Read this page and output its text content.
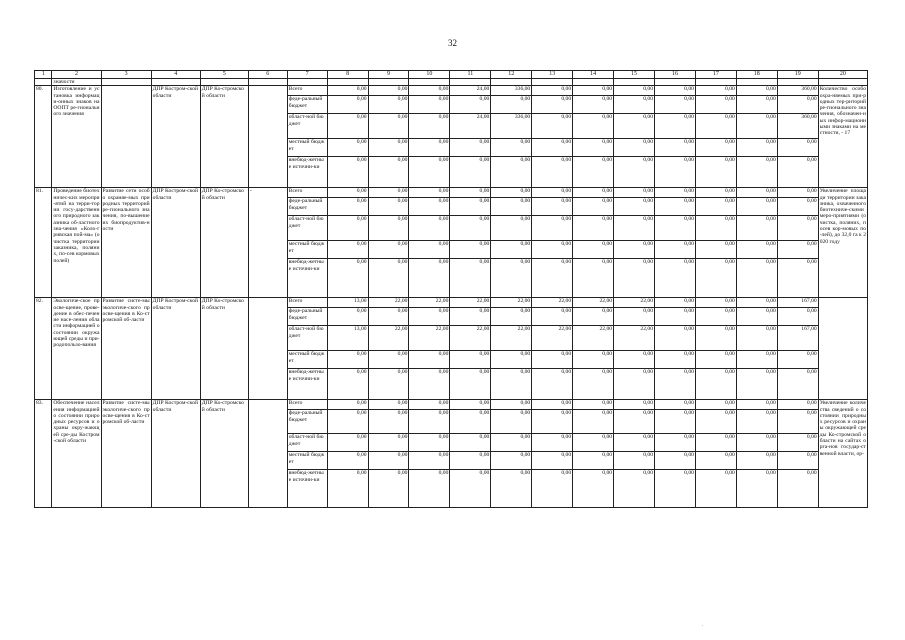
32
1	2	3	4	5	6	7	8	9	10	11	12	13	14	15	16	17	18	19	20
	значости																		
80.	Изготовление и установка информаци-онных знаков на ООПТ ре-гионального значения		ДПР Костром-ской области	ДПР Ко-стромской области		Всего	0,00	0,00	0,00	24,00	336,00	0,00	0,00	0,00	0,00	0,00	0,00	360,00	Количество особо охра-няемых при-родных тер-риторий ре-гионального значения, обозначен-ных инфор-мационными знаками на местности, - 17
						феде-ральный бюджет	0,00	0,00	0,00	0,00	0,00	0,00	0,00	0,00	0,00	0,00	0,00	0,00	
						област-ной бюджет	0,00	0,00	0,00	24,00	336,00	0,00	0,00	0,00	0,00	0,00	0,00	360,00	
						местный бюджет	0,00	0,00	0,00	0,00	0,00	0,00	0,00	0,00	0,00	0,00	0,00	0,00	
						внебюд-жетные источни-ки	0,00	0,00	0,00	0,00	0,00	0,00	0,00	0,00	0,00	0,00	0,00	0,00	
81.	Проведение биотехничес-ких меропри-ятий на терри-тории госу-дарственного природного заказника об-ластного зна-чения «Коло-гривская пой-ма» (очистка территории заказника, поляних, по-сев кормовых полей)	Развитие сети особо охраняе-мых природных территорий ре-гионального значения, по-вышение их биопродуктив-ности	ДПР Костром-ской области	ДПР Ко-стромской области	-	Всего	0,00	0,00	0,00	0,00	0,00	0,00	0,00	0,00	0,00	0,00	0,00	0,00	Увеличение площади территории заказника, охваченного биотехниче-скими меро-приятиями (очистка, поляних, посев кор-мовых по-лей), до 32,0 га к 2020 году
						феде-ральный бюджет	0,00	0,00	0,00	0,00	0,00	0,00	0,00	0,00	0,00	0,00	0,00	0,00	
						област-ной бюджет	0,00	0,00	0,00	0,00	0,00	0,00	0,00	0,00	0,00	0,00	0,00	0,00	
						местный бюджет	0,00	0,00	0,00	0,00	0,00	0,00	0,00	0,00	0,00	0,00	0,00	0,00	
						внебюд-жетные источни-ки	0,00	0,00	0,00	0,00	0,00	0,00	0,00	0,00	0,00	0,00	0,00	0,00	
82.	Экологиче-ское просве-щение, прове-дение в обес-печение насе-ления области информацией о состоянии окружающей среды и при-родопользо-вания	Развитие систе-мы экологиче-ского просве-щения в Ко-стромской об-ласти	ДПР Костром-ской области	ДПР Ко-стромской области		Всего	13,00	22,00	22,00	22,00	22,00	22,00	22,00	22,00	0,00	0,00	0,00	167,00	
						феде-ральный бюджет	0,00	0,00	0,00	0,00	0,00	0,00	0,00	0,00	0,00	0,00	0,00	0,00	
						област-ной бюджет	13,00	22,00	22,00	22,00	22,00	22,00	22,00	22,00	0,00	0,00	0,00	167,00	
						местный бюджет	0,00	0,00	0,00	0,00	0,00	0,00	0,00	0,00	0,00	0,00	0,00	0,00	
						внебюд-жетные источни-ки	0,00	0,00	0,00	0,00	0,00	0,00	0,00	0,00	0,00	0,00	0,00	0,00	
83.	Обеспечение населения информацией о состоянии природных ресурсов и охраны окру-жающей сре-ды Костром-ской области	Развитие систе-мы экологиче-ского просве-щения в Ко-стромской об-ласти	ДПР Костром-ской области	ДПР Ко-стромской области		Всего	0,00	0,00	0,00	0,00	0,00	0,00	0,00	0,00	0,00	0,00	0,00	0,00	Увеличение количества сведений о состоянии природных ресурсов и охраны окружающей среды Ко-стромской области на сайтах орга-нов государ-ственной власти, ор-
						феде-ральный бюджет	0,00	0,00	0,00	0,00	0,00	0,00	0,00	0,00	0,00	0,00	0,00	0,00	
						област-ной бюджет	0,00	0,00	0,00	0,00	0,00	0,00	0,00	0,00	0,00	0,00	0,00	0,00	
						местный бюджет	0,00	0,00	0,00	0,00	0,00	0,00	0,00	0,00	0,00	0,00	0,00	0,00	
						внебюд-жетные источни-ки	0,00	0,00	0,00	0,00	0,00	0,00	0,00	0,00	0,00	0,00	0,00	0,00	
.
